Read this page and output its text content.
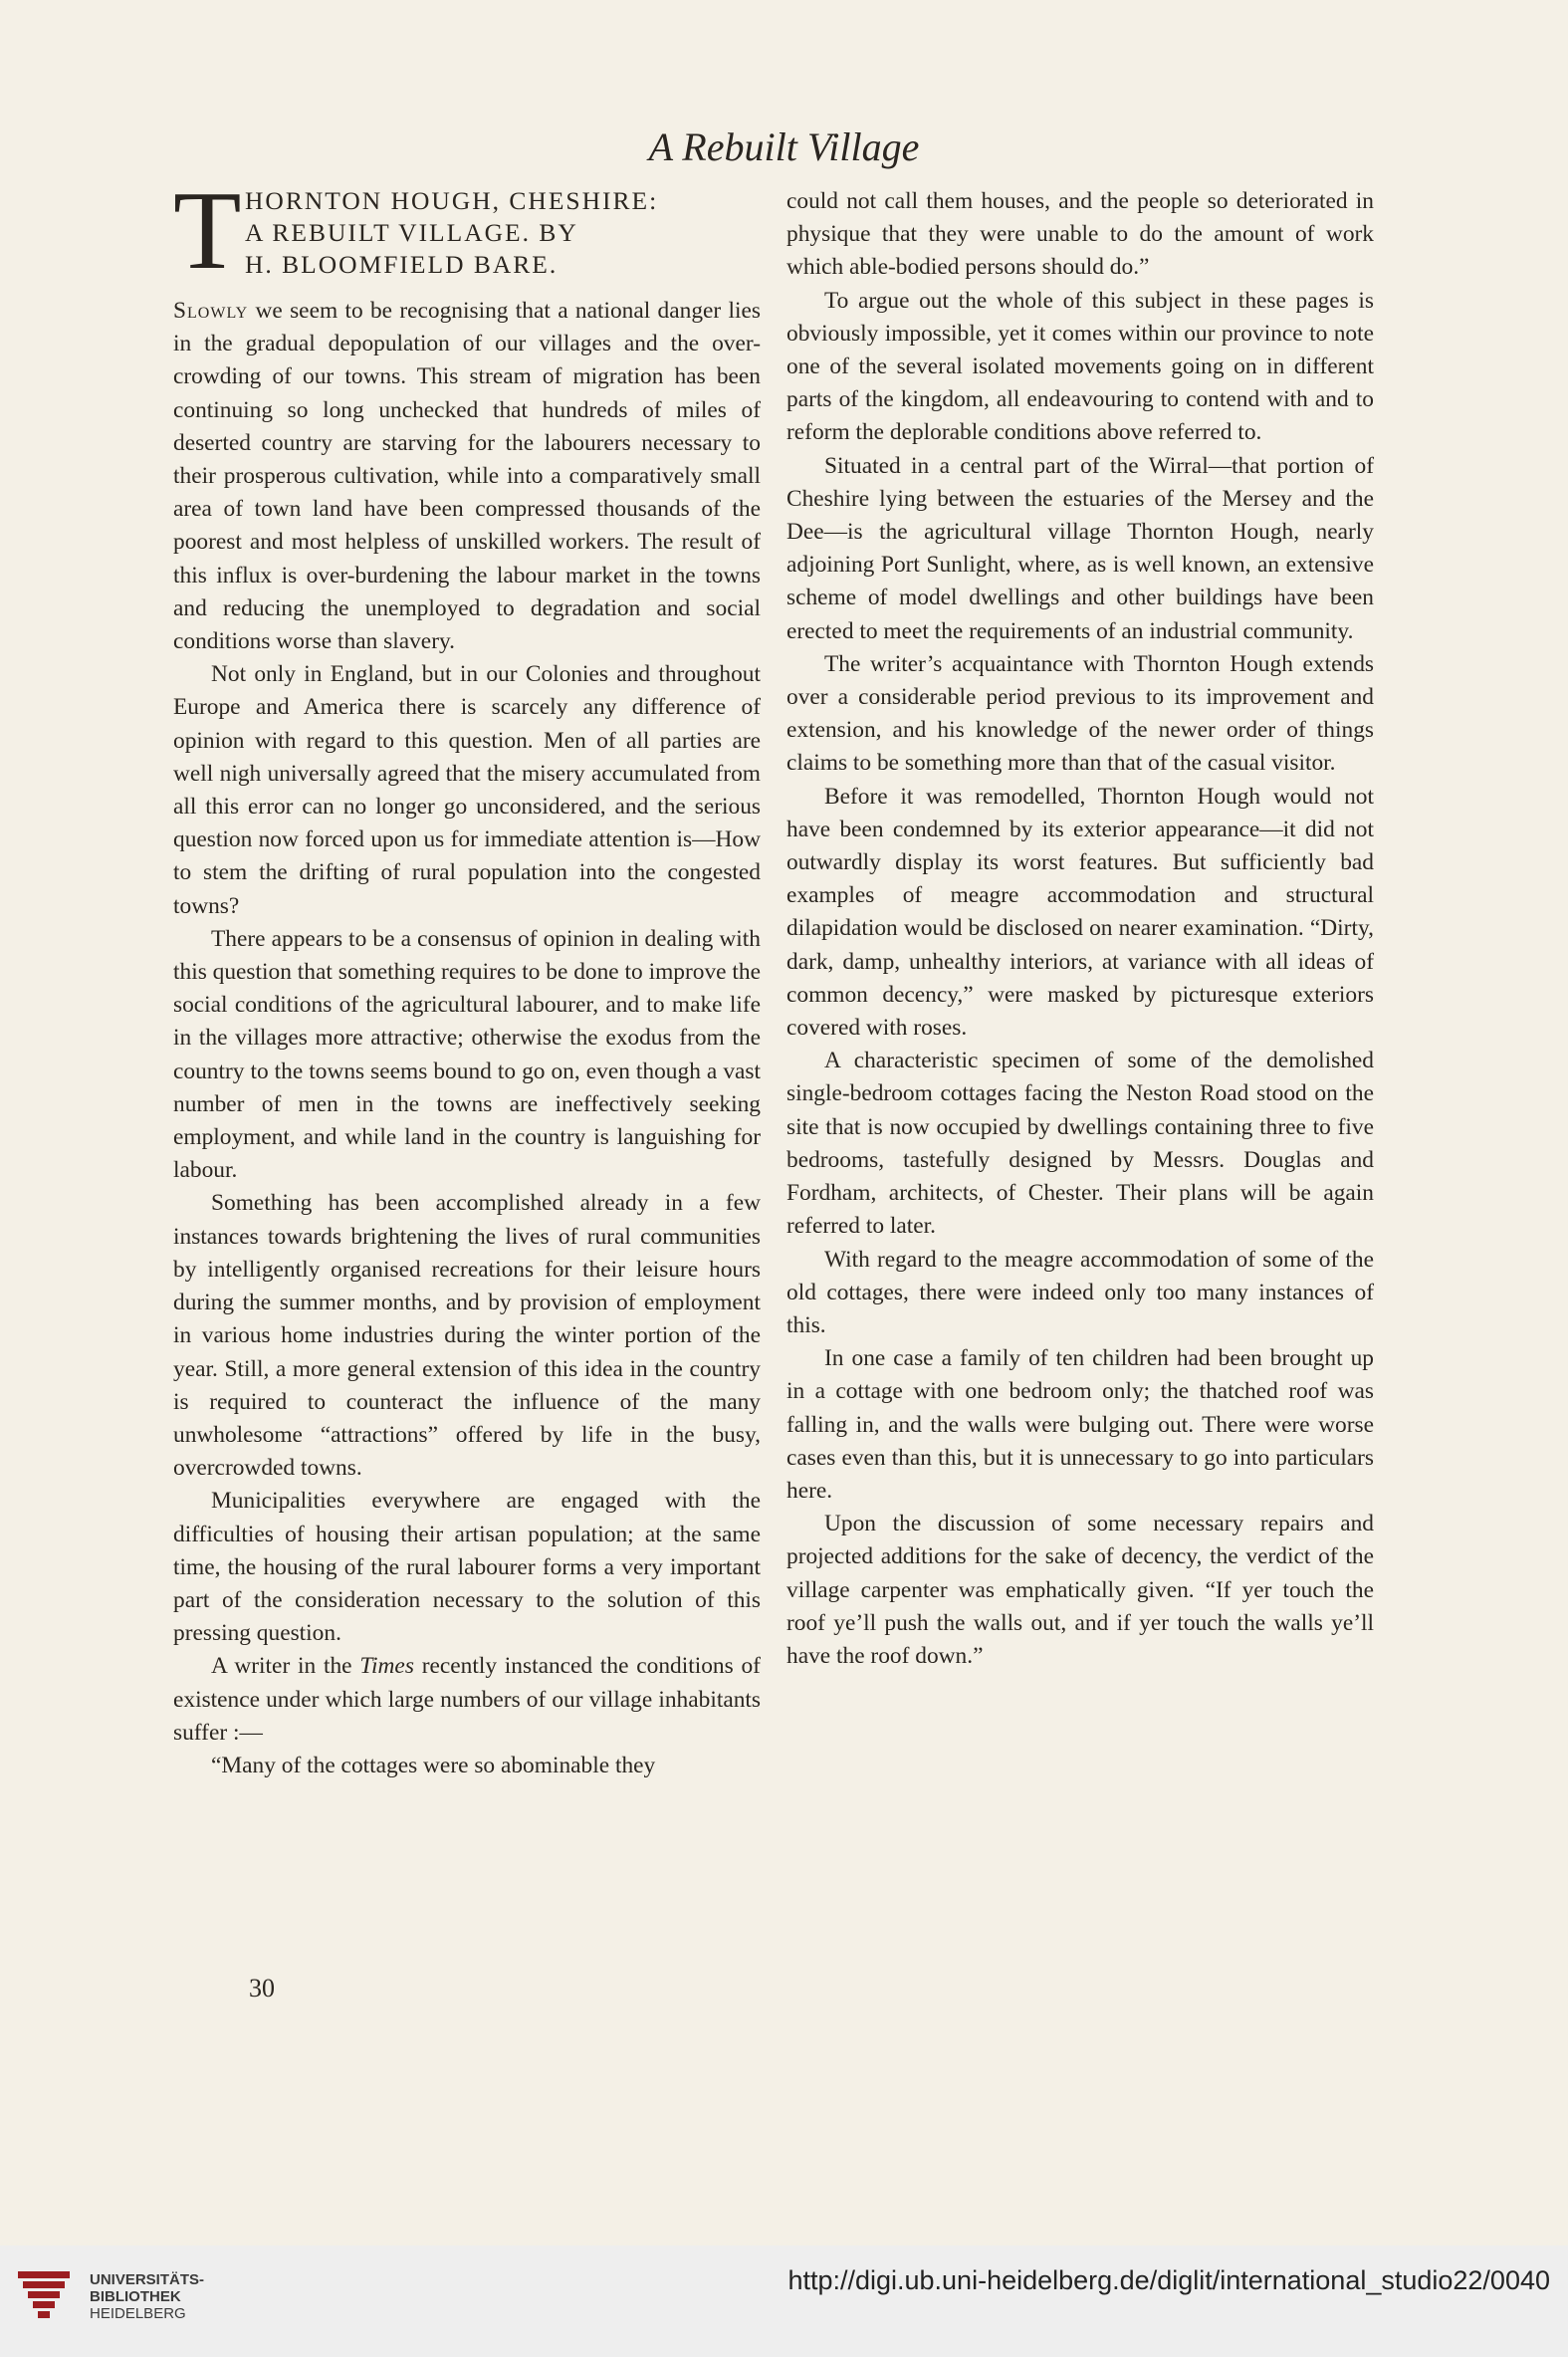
A Rebuilt Village
T HORNTON HOUGH, CHESHIRE:
A REBUILT VILLAGE. BY
H. BLOOMFIELD BARE.

Slowly we seem to be recognising that a national danger lies in the gradual depopulation of our villages and the over-crowding of our towns. This stream of migration has been continuing so long unchecked that hundreds of miles of deserted country are starving for the labourers necessary to their prosperous cultivation, while into a comparatively small area of town land have been compressed thousands of the poorest and most helpless of unskilled workers. The result of this influx is over-burdening the labour market in the towns and reducing the unemployed to degradation and social conditions worse than slavery.

Not only in England, but in our Colonies and throughout Europe and America there is scarcely any difference of opinion with regard to this question. Men of all parties are well nigh universally agreed that the misery accumulated from all this error can no longer go unconsidered, and the serious question now forced upon us for immediate attention is—How to stem the drifting of rural population into the congested towns?

There appears to be a consensus of opinion in dealing with this question that something requires to be done to improve the social conditions of the agricultural labourer, and to make life in the villages more attractive; otherwise the exodus from the country to the towns seems bound to go on, even though a vast number of men in the towns are ineffectively seeking employment, and while land in the country is languishing for labour.

Something has been accomplished already in a few instances towards brightening the lives of rural communities by intelligently organised recreations for their leisure hours during the summer months, and by provision of employment in various home industries during the winter portion of the year. Still, a more general extension of this idea in the country is required to counteract the influence of the many unwholesome “attractions” offered by life in the busy, overcrowded towns.

Municipalities everywhere are engaged with the difficulties of housing their artisan population; at the same time, the housing of the rural labourer forms a very important part of the consideration necessary to the solution of this pressing question.

A writer in the Times recently instanced the conditions of existence under which large numbers of our village inhabitants suffer :—

“Many of the cottages were so abominable they

could not call them houses, and the people so deteriorated in physique that they were unable to do the amount of work which able-bodied persons should do.”

To argue out the whole of this subject in these pages is obviously impossible, yet it comes within our province to note one of the several isolated movements going on in different parts of the kingdom, all endeavouring to contend with and to reform the deplorable conditions above referred to.

Situated in a central part of the Wirral—that portion of Cheshire lying between the estuaries of the Mersey and the Dee—is the agricultural village Thornton Hough, nearly adjoining Port Sunlight, where, as is well known, an extensive scheme of model dwellings and other buildings have been erected to meet the requirements of an industrial community.

The writer’s acquaintance with Thornton Hough extends over a considerable period previous to its improvement and extension, and his knowledge of the newer order of things claims to be something more than that of the casual visitor.

Before it was remodelled, Thornton Hough would not have been condemned by its exterior appearance—it did not outwardly display its worst features. But sufficiently bad examples of meagre accommodation and structural dilapidation would be disclosed on nearer examination. “Dirty, dark, damp, unhealthy interiors, at variance with all ideas of common decency,” were masked by picturesque exteriors covered with roses.

A characteristic specimen of some of the demolished single-bedroom cottages facing the Neston Road stood on the site that is now occupied by dwellings containing three to five bedrooms, tastefully designed by Messrs. Douglas and Fordham, architects, of Chester. Their plans will be again referred to later.

With regard to the meagre accommodation of some of the old cottages, there were indeed only too many instances of this.

In one case a family of ten children had been brought up in a cottage with one bedroom only; the thatched roof was falling in, and the walls were bulging out. There were worse cases even than this, but it is unnecessary to go into particulars here.

Upon the discussion of some necessary repairs and projected additions for the sake of decency, the verdict of the village carpenter was emphatically given. “If yer touch the roof ye’ll push the walls out, and if yer touch the walls ye’ll have the roof down.”

30
UNIVERSITÄTS-
BIBLIOTHEK
HEIDELBERG
http://digi.ub.uni-heidelberg.de/diglit/international_studio22/0040
